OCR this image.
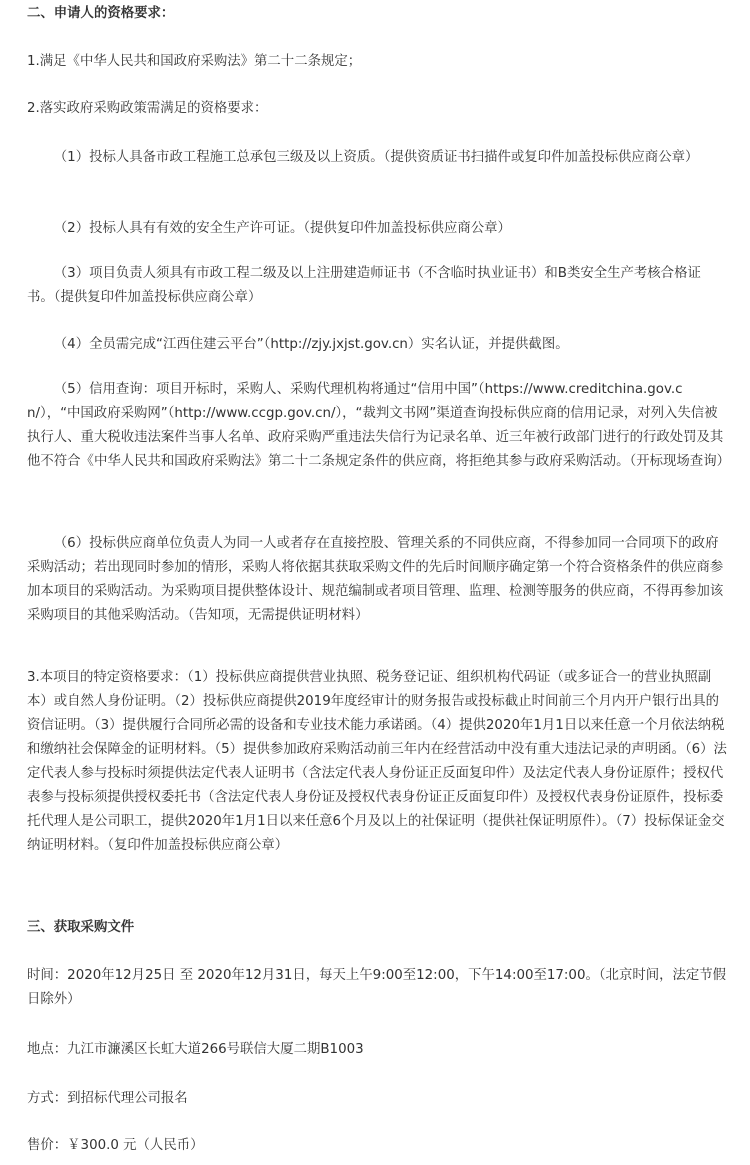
二、申请人的资格要求：

1.满足《中华人民共和国政府采购法》第二十二条规定；

2.落实政府采购政策需满足的资格要求：

（1）投标人具备市政工程施工总承包三级及以上资质。（提供资质证书扫描件或复印件加盖投标供应商公章）

（2）投标人具有有效的安全生产许可证。（提供复印件加盖投标供应商公章）

（3）项目负责人须具有市政工程二级及以上注册建造师证书（不含临时执业证书）和B类安全生产考核合格证书。（提供复印件加盖投标供应商公章）

（4）全员需完成“江西住建云平台”（http://zjy.jxjst.gov.cn）实名认证，并提供截图。

（5）信用查询：项目开标时，采购人、采购代理机构将通过“信用中国”（https://www.creditchina.gov.cn/），“中国政府采购网”（http://www.ccgp.gov.cn/），“裁判文书网”渠道查询投标供应商的信用记录，对列入失信被执行人、重大税收违法案件当事人名单、政府采购严重违法失信行为记录名单、近三年被行政部门进行的行政处罚及其他不符合《中华人民共和国政府采购法》第二十二条规定条件的供应商，将拒绝其参与政府采购活动。（开标现场查询）

（6）投标供应商单位负责人为同一人或者存在直接控股、管理关系的不同供应商，不得参加同一合同项下的政府采购活动；若出现同时参加的情形，采购人将依据其获取采购文件的先后时间顺序确定第一个符合资格条件的供应商参加本项目的采购活动。为采购项目提供整体设计、规范编制或者项目管理、监理、检测等服务的供应商，不得再参加该采购项目的其他采购活动。（告知项，无需提供证明材料）

3.本项目的特定资格要求：（1）投标供应商提供营业执照、税务登记证、组织机构代码证（或多证合一的营业执照副本）或自然人身份证明。（2）投标供应商提供2019年度经审计的财务报告或投标截止时间前三个月内开户银行出具的资信证明。（3）提供履行合同所必需的设备和专业技术能力承诺函。（4）提供2020年1月1日以来任意一个月依法纳税和缴纳社会保障金的证明材料。（5）提供参加政府采购活动前三年内在经营活动中没有重大违法记录的声明函。（6）法定代表人参与投标时须提供法定代表人证明书（含法定代表人身份证正反面复印件）及法定代表人身份证原件；授权代表参与投标须提供授权委托书（含法定代表人身份证及授权代表身份证正反面复印件）及授权代表身份证原件，投标委托代理人是公司职工，提供2020年1月1日以来任意6个月及以上的社保证明（提供社保证明原件）。（7）投标保证金交纳证明材料。（复印件加盖投标供应商公章）

三、获取采购文件

时间：2020年12月25日 至 2020年12月31日，每天上午9:00至12:00，下午14:00至17:00。（北京时间，法定节假日除外）

地点：九江市濂溪区长虹大道266号联信大厦二期B1003

方式：到招标代理公司报名

售价：￥300.0 元（人民币）
